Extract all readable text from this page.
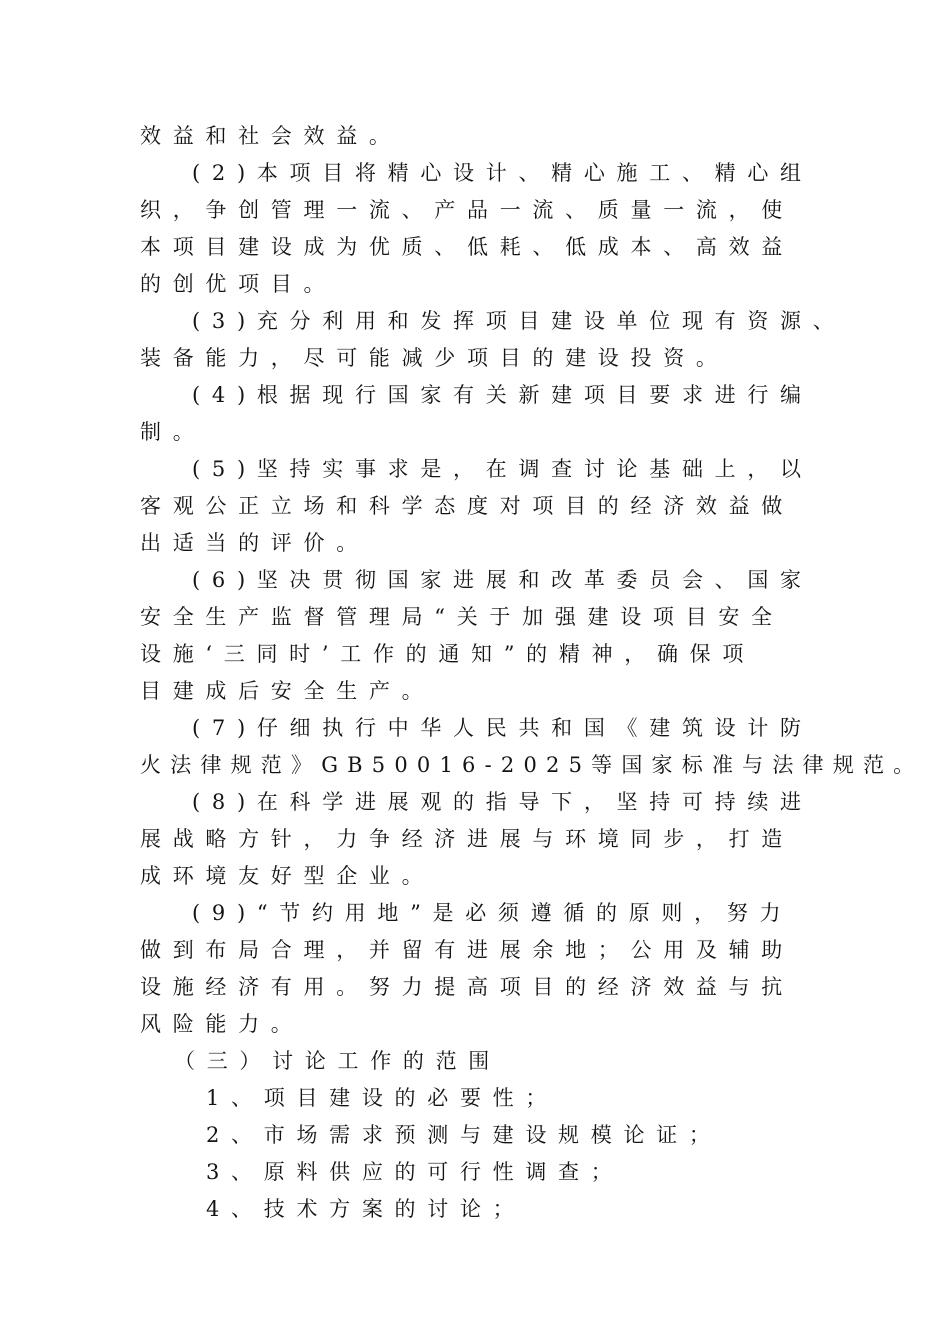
效益和社会效益。
(2)本项目将精心设计、精心施工、精心组
织，争创管理一流、产品一流、质量一流，使
本项目建设成为优质、低耗、低成本、高效益
的创优项目。
(3)充分利用和发挥项目建设单位现有资源、
装备能力，尽可能减少项目的建设投资。
(4)根据现行国家有关新建项目要求进行编
制。
(5)坚持实事求是，在调查讨论基础上，以
客观公正立场和科学态度对项目的经济效益做
出适当的评价。
(6)坚决贯彻国家进展和改革委员会、国家
安全生产监督管理局“关于加强建设项目安全
设施‘三同时’工作的通知”的精神，确保项
目建成后安全生产。
(7)仔细执行中华人民共和国《建筑设计防
火法律规范》GB50016-2025等国家标准与法律规范。
(8)在科学进展观的指导下，坚持可持续进
展战略方针，力争经济进展与环境同步，打造
成环境友好型企业。
(9)“节约用地”是必须遵循的原则，努力
做到布局合理，并留有进展余地；公用及辅助
设施经济有用。努力提高项目的经济效益与抗
风险能力。
（三）讨论工作的范围
1、项目建设的必要性；
2、市场需求预测与建设规模论证；
3、原料供应的可行性调查；
4、技术方案的讨论；
